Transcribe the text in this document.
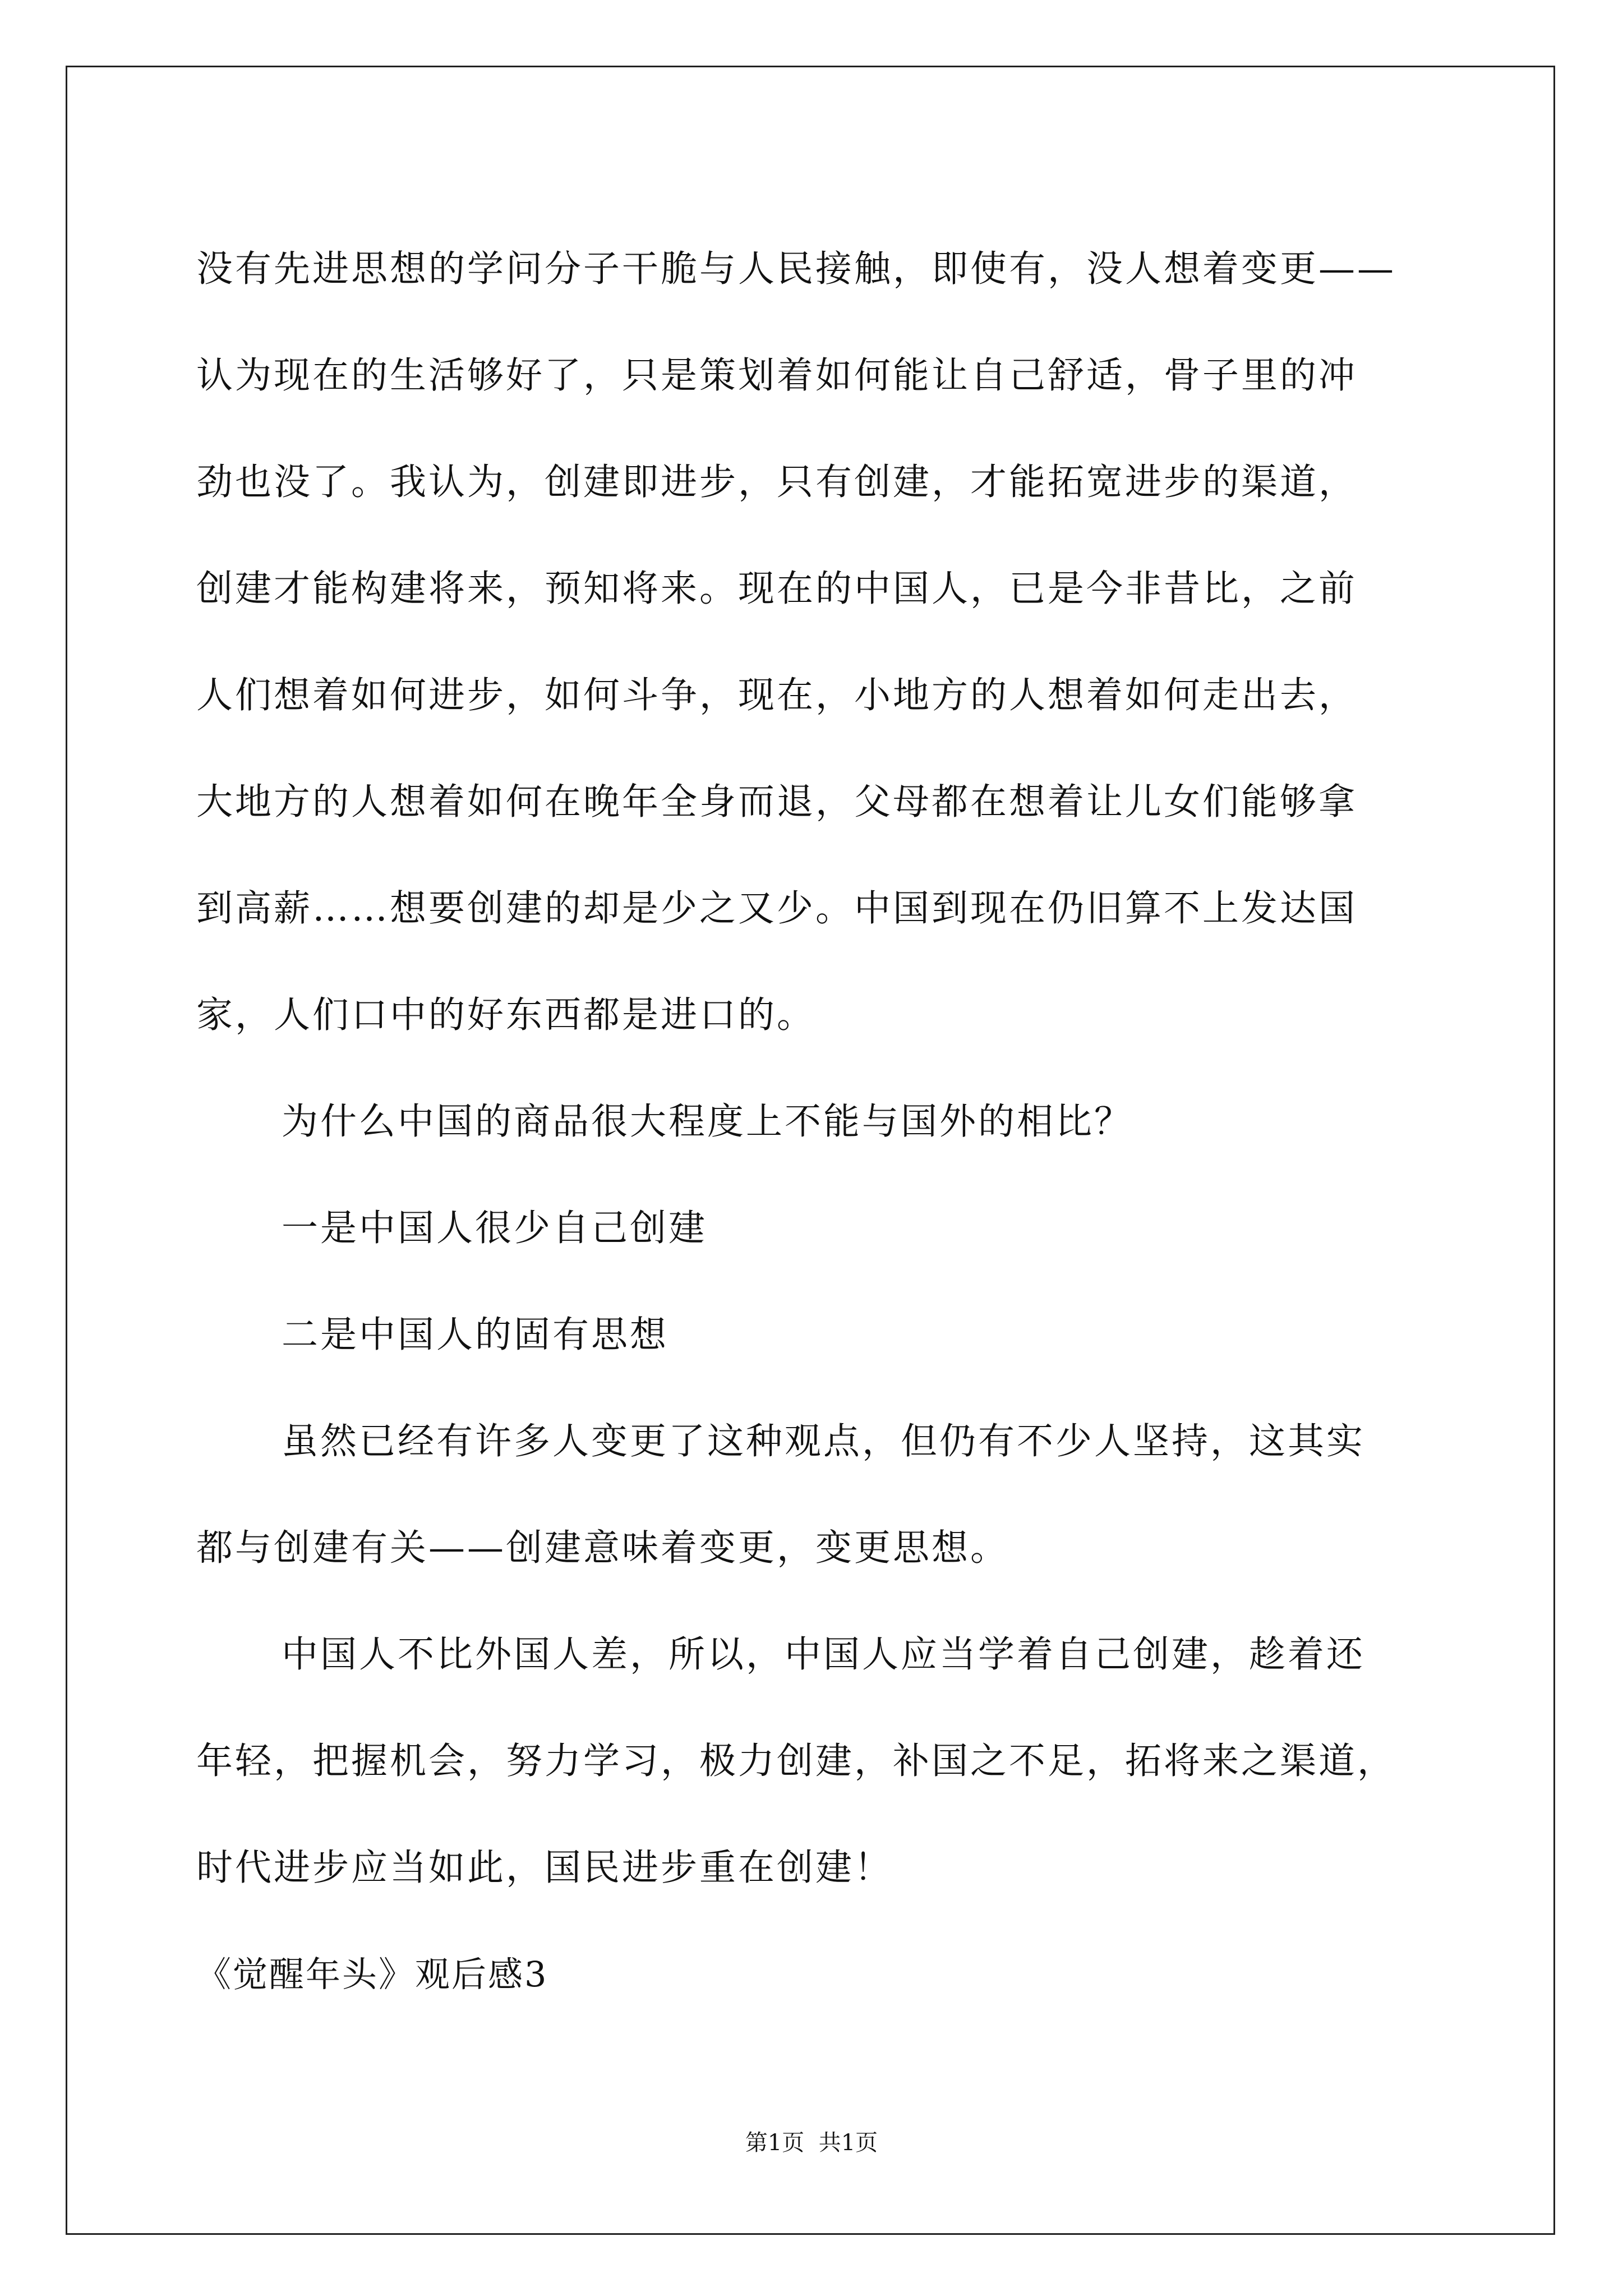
没有先进思想的学问分子干脆与人民接触，即使有，没人想着变更——
认为现在的生活够好了，只是策划着如何能让自己舒适，骨子里的冲
劲也没了。我认为，创建即进步，只有创建，才能拓宽进步的渠道，
创建才能构建将来，预知将来。现在的中国人，已是今非昔比，之前
人们想着如何进步，如何斗争，现在，小地方的人想着如何走出去，
大地方的人想着如何在晚年全身而退，父母都在想着让儿女们能够拿
到高薪……想要创建的却是少之又少。中国到现在仍旧算不上发达国
家，人们口中的好东西都是进口的。
为什么中国的商品很大程度上不能与国外的相比？
一是中国人很少自己创建
二是中国人的固有思想
虽然已经有许多人变更了这种观点，但仍有不少人坚持，这其实
都与创建有关——创建意味着变更，变更思想。
中国人不比外国人差，所以，中国人应当学着自己创建，趁着还
年轻，把握机会，努力学习，极力创建，补国之不足，拓将来之渠道，
时代进步应当如此，国民进步重在创建！
《觉醒年头》观后感3
第1页  共1页
